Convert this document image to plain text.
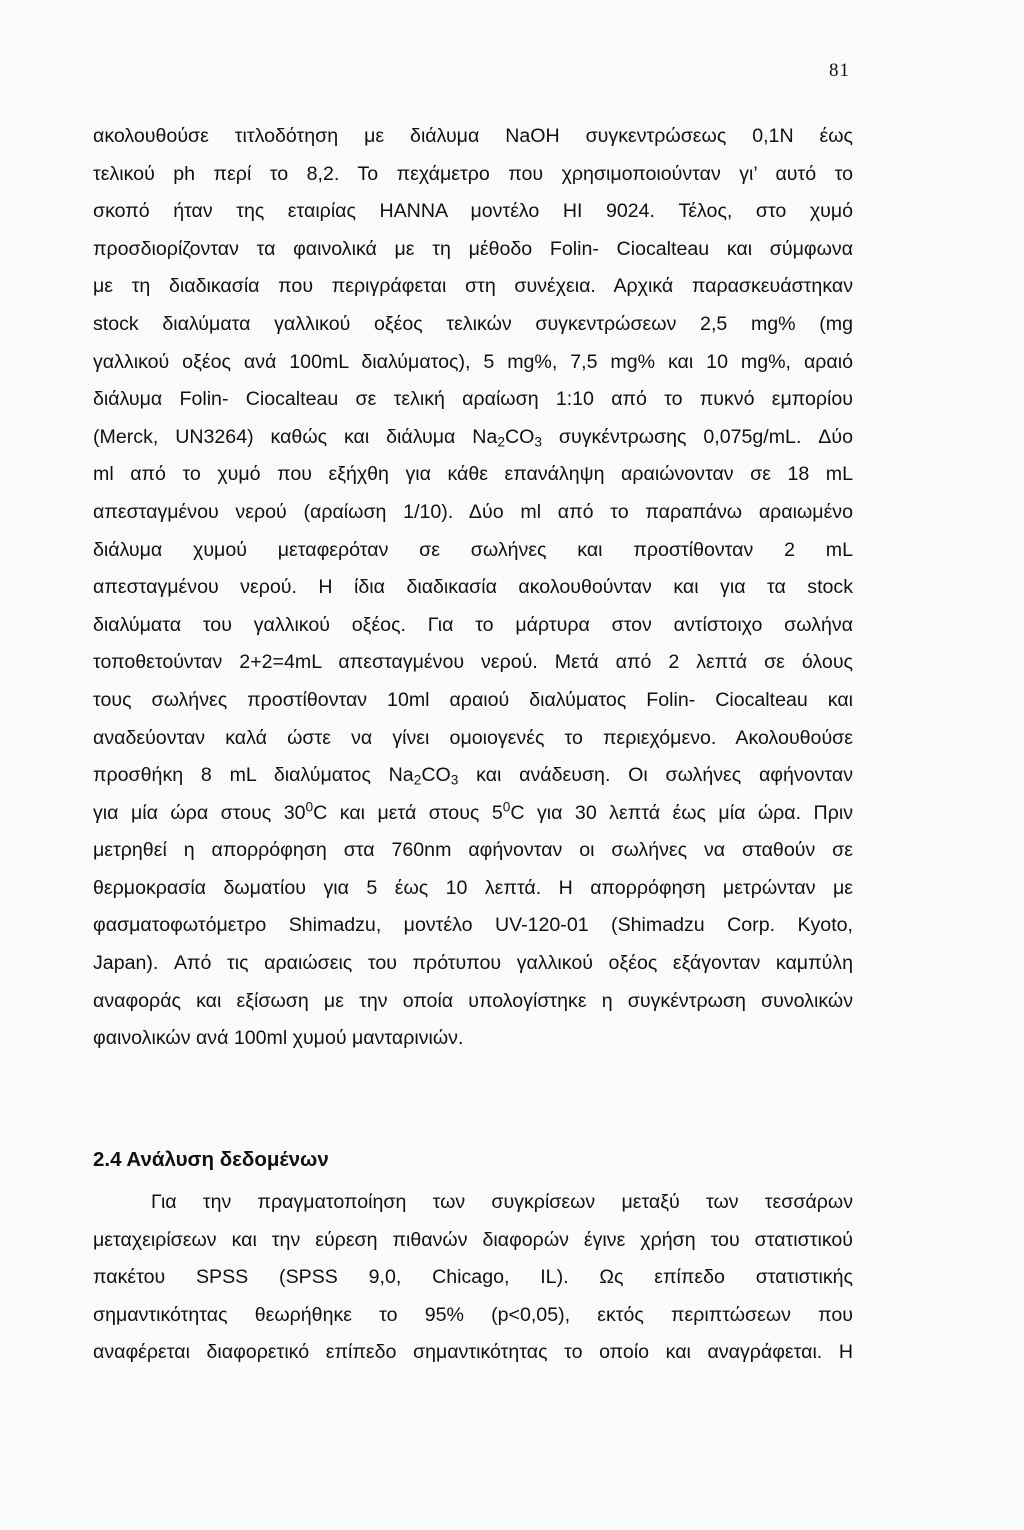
81
ακολουθούσε τιτλοδότηση με διάλυμα NaOH συγκεντρώσεως 0,1N έως
τελικού ph περί το 8,2. Το πεχάμετρο που χρησιμοποιούνταν γι’ αυτό το
σκοπό ήταν της εταιρίας HANNA μοντέλο HI 9024. Τέλος, στο χυμό
προσδιορίζονταν τα φαινολικά με τη μέθοδο Folin- Ciocalteau και σύμφωνα
με τη διαδικασία που περιγράφεται στη συνέχεια. Αρχικά παρασκευάστηκαν
stock διαλύματα γαλλικού οξέος τελικών συγκεντρώσεων 2,5 mg% (mg
γαλλικού οξέος ανά 100mL διαλύματος), 5 mg%, 7,5 mg% και 10 mg%, αραιό
διάλυμα Folin- Ciocalteau σε τελική αραίωση 1:10 από το πυκνό εμπορίου
(Merck, UN3264) καθώς και διάλυμα $Na_2CO_3$ συγκέντρωσης 0,075g/mL. Δύο
ml από το χυμό που εξήχθη για κάθε επανάληψη αραιώνονταν σε 18 mL
απεσταγμένου νερού (αραίωση 1/10). Δύο ml από το παραπάνω αραιωμένο
διάλυμα χυμού μεταφερόταν σε σωλήνες και προστίθονταν 2 mL
απεσταγμένου νερού. Η ίδια διαδικασία ακολουθούνταν και για τα stock
διαλύματα του γαλλικού οξέος. Για το μάρτυρα στον αντίστοιχο σωλήνα
τοποθετούνταν 2+2=4mL απεσταγμένου νερού. Μετά από 2 λεπτά σε όλους
τους σωλήνες προστίθονταν 10ml αραιού διαλύματος Folin- Ciocalteau και
αναδεύονταν καλά ώστε να γίνει ομοιογενές το περιεχόμενο. Ακολουθούσε
προσθήκη 8 mL διαλύματος $Na_2CO_3$ και ανάδευση. Οι σωλήνες αφήνονταν
για μία ώρα στους $30^0C$ και μετά στους $5^0C$ για 30 λεπτά έως μία ώρα. Πριν
μετρηθεί η απορρόφηση στα 760nm αφήνονταν οι σωλήνες να σταθούν σε
θερμοκρασία δωματίου για 5 έως 10 λεπτά. Η απορρόφηση μετρώνταν με
φασματοφωτόμετρο Shimadzu, μοντέλο UV-120-01 (Shimadzu Corp. Kyoto,
Japan). Από τις αραιώσεις του πρότυπου γαλλικού οξέος εξάγονταν καμπύλη
αναφοράς και εξίσωση με την οποία υπολογίστηκε η συγκέντρωση συνολικών
φαινολικών ανά 100ml χυμού μανταρινιών.
2.4 Ανάλυση δεδομένων
Για την πραγματοποίηση των συγκρίσεων μεταξύ των τεσσάρων
μεταχειρίσεων και την εύρεση πιθανών διαφορών έγινε χρήση του στατιστικού
πακέτου SPSS (SPSS 9,0, Chicago, IL). Ως επίπεδο στατιστικής
σημαντικότητας θεωρήθηκε το 95% (p<0,05), εκτός περιπτώσεων που
αναφέρεται διαφορετικό επίπεδο σημαντικότητας το οποίο και αναγράφεται. Η
